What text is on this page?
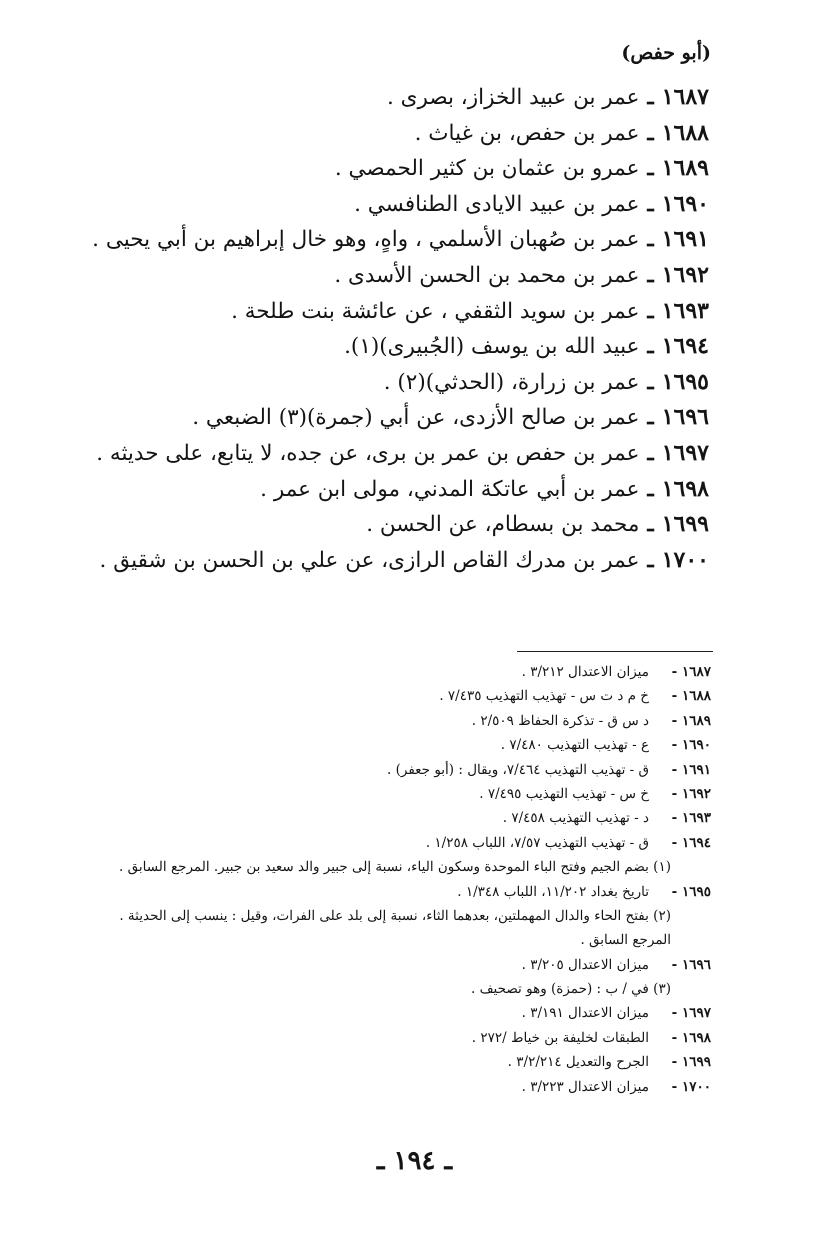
(أبو حفص)
١٦٨٧
ـ
عمر بن عبيد الخزاز، بصرى .
١٦٨٨
ـ
عمر بن حفص، بن غياث .
١٦٨٩
ـ
عمرو بن عثمان بن كثير الحمصي .
١٦٩٠
ـ
عمر بن عبيد الايادى الطنافسي .
١٦٩١
ـ
عمر بن صُهبان الأسلمي ، واهٍ، وهو خال إبراهيم بن أبي يحيى .
١٦٩٢
ـ
عمر بن محمد بن الحسن الأسدى .
١٦٩٣
ـ
عمر بن سويد الثقفي ، عن عائشة بنت طلحة .
١٦٩٤
ـ
عبيد الله بن يوسف (الجُبيرى)(١).
١٦٩٥
ـ
عمر بن زرارة، (الحدثي)(٢) .
١٦٩٦
ـ
عمر بن صالح الأزدى، عن أبي (جمرة)(٣) الضبعي .
١٦٩٧
ـ
عمر بن حفص بن عمر بن برى، عن جده، لا يتابع، على حديثه .
١٦٩٨
ـ
عمر بن أبي عاتكة المدني، مولى ابن عمر .
١٦٩٩
ـ
محمد بن بسطام، عن الحسن .
١٧٠٠
ـ
عمر بن مدرك القاص الرازى، عن علي بن الحسن بن شقيق .
١٦٨٧ -
ميزان الاعتدال ٣/٢١٢ .
١٦٨٨ -
خ م د ت س - تهذيب التهذيب ٧/٤٣٥ .
١٦٨٩ -
د س ق - تذكرة الحفاظ ٢/٥٠٩ .
١٦٩٠ -
ع - تهذيب التهذيب ٧/٤٨٠ .
١٦٩١ -
ق - تهذيب التهذيب ٧/٤٦٤، ويقال : (أبو جعفر) .
١٦٩٢ -
خ س - تهذيب التهذيب ٧/٤٩٥ .
١٦٩٣ -
د - تهذيب التهذيب ٧/٤٥٨ .
١٦٩٤ -
ق - تهذيب التهذيب ٧/٥٧، اللباب ١/٢٥٨ .
(١) بضم الجيم وفتح الباء الموحدة وسكون الياء، نسبة إلى جبير والد سعيد بن جبير. المرجع السابق .
١٦٩٥ -
تاريخ بغداد ١١/٢٠٢، اللباب ١/٣٤٨ .
(٢) بفتح الحاء والدال المهملتين، بعدهما الثاء، نسبة إلى بلد على الفرات، وقيل : ينسب إلى الحديثة .
المرجع السابق .
١٦٩٦ -
ميزان الاعتدال ٣/٢٠٥ .
(٣) في / ب : (حمزة) وهو تصحيف .
١٦٩٧ -
ميزان الاعتدال ٣/١٩١ .
١٦٩٨ -
الطبقات لخليفة بن خياط /٢٧٢ .
١٦٩٩ -
الجرح والتعديل ٣/٢/٢١٤ .
١٧٠٠ -
ميزان الاعتدال ٣/٢٢٣ .
ـ ١٩٤ ـ
